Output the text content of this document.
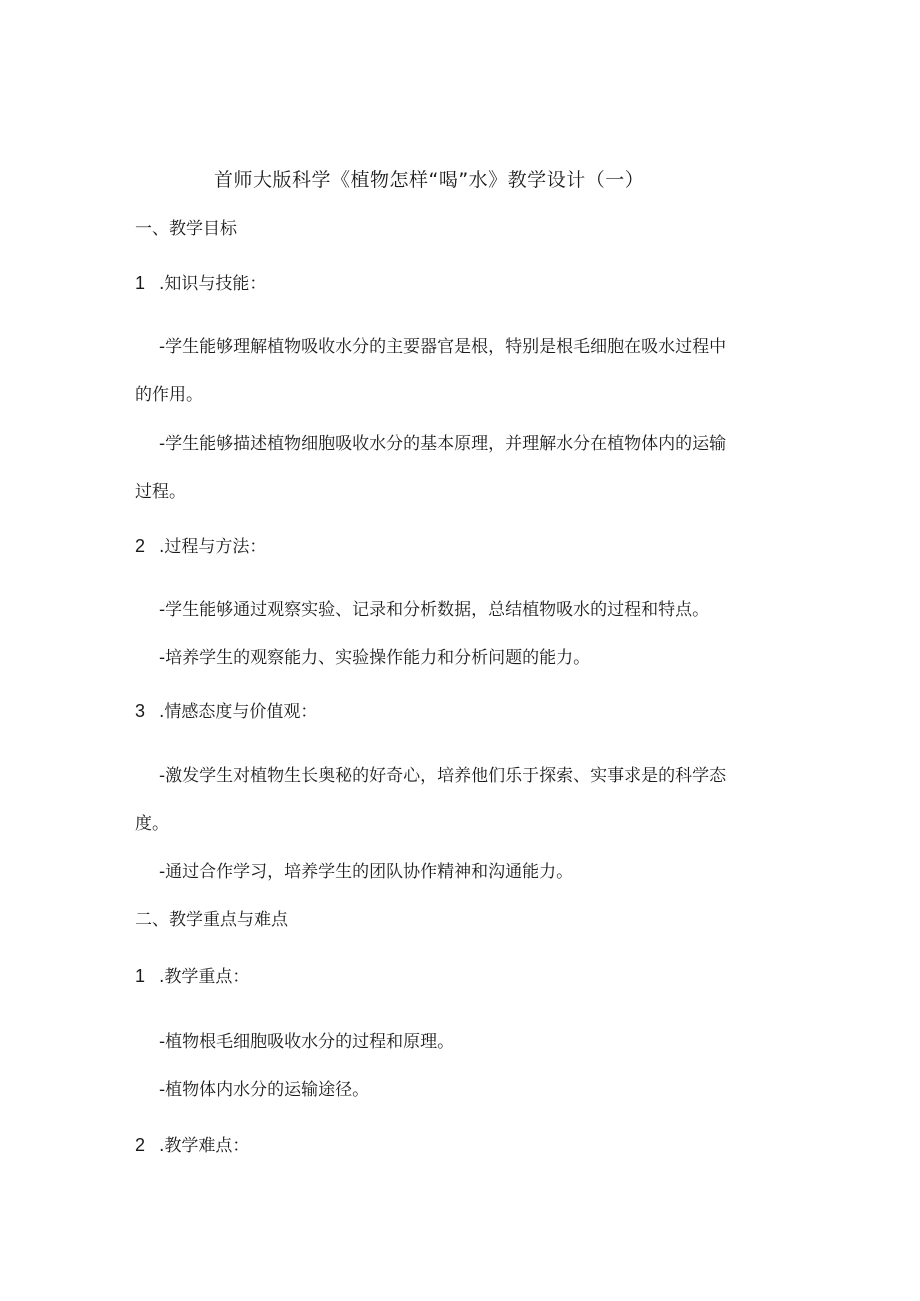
首师大版科学《植物怎样“喝”水》教学设计（一）
一、教学目标
1 .知识与技能：
-学生能够理解植物吸收水分的主要器官是根，特别是根毛细胞在吸水过程中
的作用。
-学生能够描述植物细胞吸收水分的基本原理，并理解水分在植物体内的运输
过程。
2 .过程与方法：
-学生能够通过观察实验、记录和分析数据，总结植物吸水的过程和特点。
-培养学生的观察能力、实验操作能力和分析问题的能力。
3 .情感态度与价值观：
-激发学生对植物生长奥秘的好奇心，培养他们乐于探索、实事求是的科学态
度。
-通过合作学习，培养学生的团队协作精神和沟通能力。
二、教学重点与难点
1 .教学重点：
-植物根毛细胞吸收水分的过程和原理。
-植物体内水分的运输途径。
2 .教学难点：
